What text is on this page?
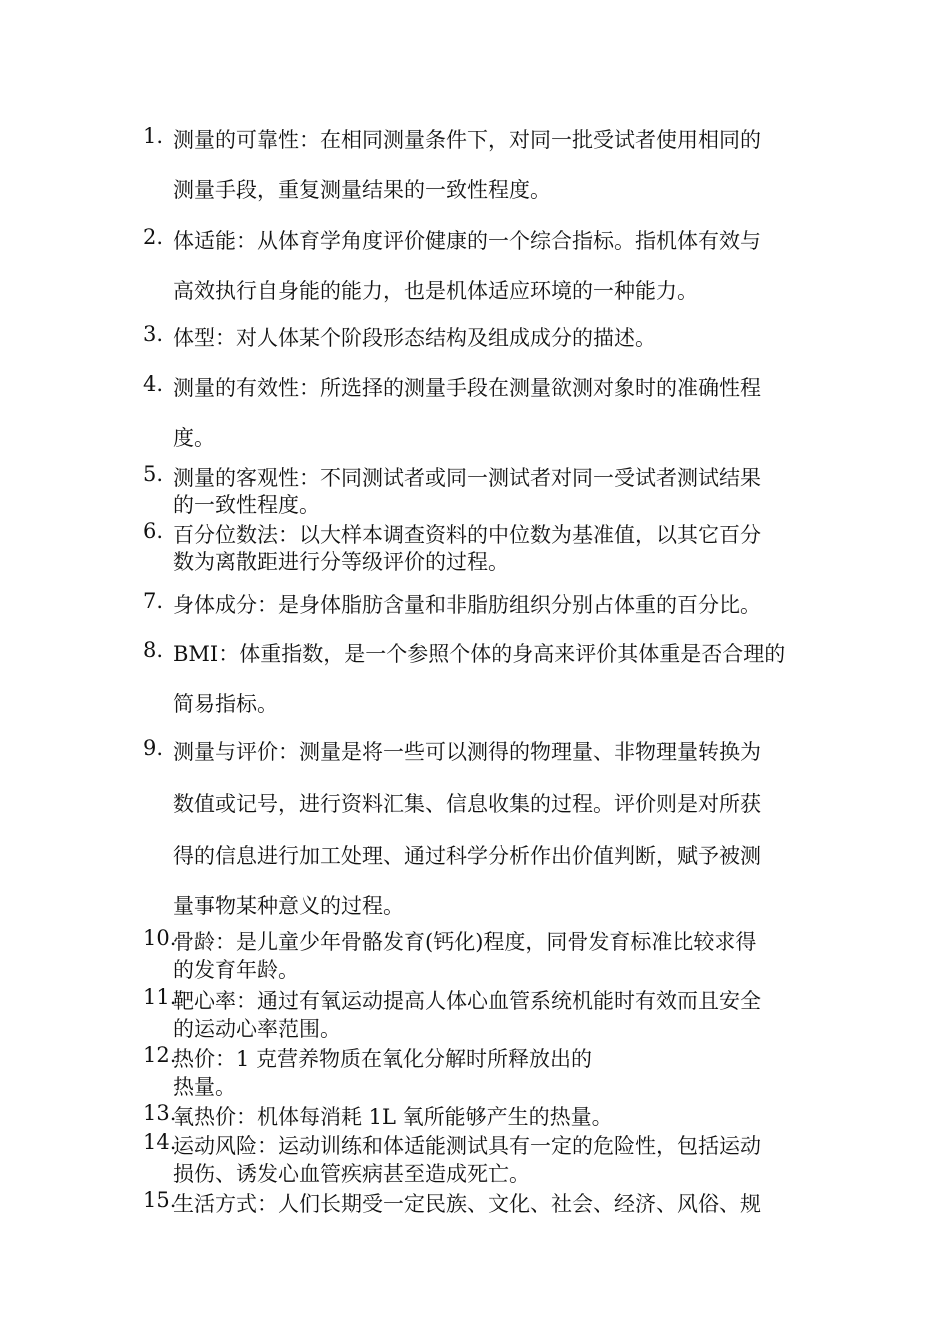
1. 测量的可靠性：在相同测量条件下，对同一批受试者使用相同的
测量手段，重复测量结果的一致性程度。
2. 体适能：从体育学角度评价健康的一个综合指标。指机体有效与
高效执行自身能的能力，也是机体适应环境的一种能力。
3. 体型：对人体某个阶段形态结构及组成成分的描述。
4. 测量的有效性：所选择的测量手段在测量欲测对象时的准确性程
度。
5. 测量的客观性：不同测试者或同一测试者对同一受试者测试结果
的一致性程度。
6. 百分位数法：以大样本调查资料的中位数为基准值，以其它百分
数为离散距进行分等级评价的过程。
7. 身体成分：是身体脂肪含量和非脂肪组织分别占体重的百分比。
8. BMI：体重指数，是一个参照个体的身高来评价其体重是否合理的
简易指标。
9. 测量与评价：测量是将一些可以测得的物理量、非物理量转换为
数值或记号，进行资料汇集、信息收集的过程。评价则是对所获
得的信息进行加工处理、通过科学分析作出价值判断，赋予被测
量事物某种意义的过程。
10.
骨龄：是儿童少年骨骼发育(钙化)程度，同骨发育标准比较求得
的发育年龄。
11.
靶心率：通过有氧运动提高人体心血管系统机能时有效而且安全
的运动心率范围。
12.
热价：1 克营养物质在氧化分解时所释放出的
热量。
13.
氧热价：机体每消耗 1L 氧所能够产生的热量。
14.
运动风险：运动训练和体适能测试具有一定的危险性，包括运动
损伤、诱发心血管疾病甚至造成死亡。
15.
生活方式：人们长期受一定民族、文化、社会、经济、风俗、规
